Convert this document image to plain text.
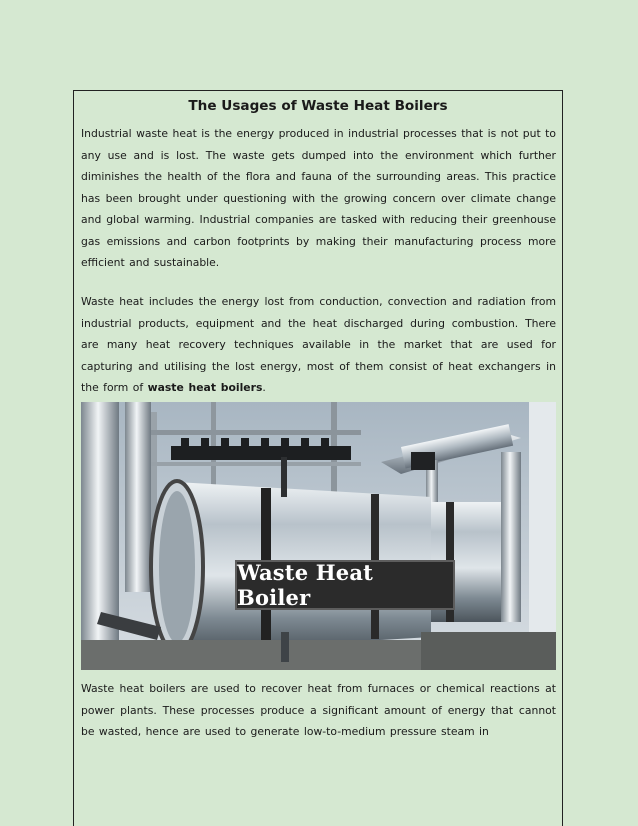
The Usages of Waste Heat Boilers

Industrial waste heat is the energy produced in industrial processes that is not put to any use and is lost. The waste gets dumped into the environment which further diminishes the health of the flora and fauna of the surrounding areas. This practice has been brought under questioning with the growing concern over climate change and global warming. Industrial companies are tasked with reducing their greenhouse gas emissions and carbon footprints by making their manufacturing process more efficient and sustainable.

Waste heat includes the energy lost from conduction, convection and radiation from industrial products, equipment and the heat discharged during combustion. There are many heat recovery techniques available in the market that are used for capturing and utilising the lost energy, most of them consist of heat exchangers in the form of waste heat boilers.

Waste Heat Boiler

Waste heat boilers are used to recover heat from furnaces or chemical reactions at power plants. These processes produce a significant amount of energy that cannot be wasted, hence are used to generate low-to-medium pressure steam in
